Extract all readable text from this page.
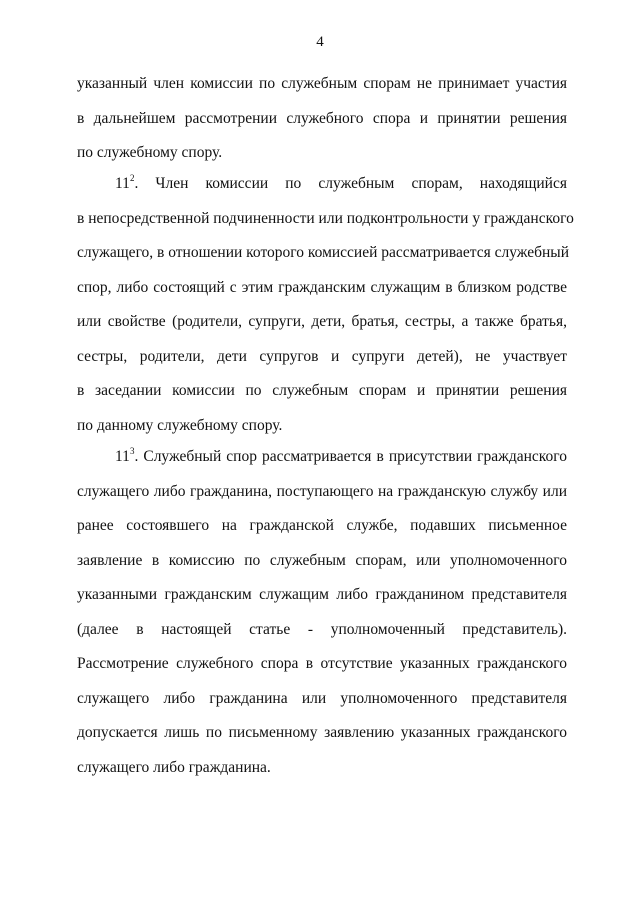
4
указанный член комиссии по служебным спорам не принимает участия
в дальнейшем рассмотрении служебного спора и принятии решения
по служебному спору.
$11^2$. Член комиссии по служебным спорам, находящийся
в непосредственной подчиненности или подконтрольности у гражданского
служащего, в отношении которого комиссией рассматривается служебный
спор, либо состоящий с этим гражданским служащим в близком родстве
или свойстве (родители, супруги, дети, братья, сестры, а также братья,
сестры, родители, дети супругов и супруги детей), не участвует
в заседании комиссии по служебным спорам и принятии решения
по данному служебному спору.
$11^3$. Служебный спор рассматривается в присутствии гражданского
служащего либо гражданина, поступающего на гражданскую службу или
ранее состоявшего на гражданской службе, подавших письменное
заявление в комиссию по служебным спорам, или уполномоченного
указанными гражданским служащим либо гражданином представителя
(далее в настоящей статье - уполномоченный представитель).
Рассмотрение служебного спора в отсутствие указанных гражданского
служащего либо гражданина или уполномоченного представителя
допускается лишь по письменному заявлению указанных гражданского
служащего либо гражданина.
